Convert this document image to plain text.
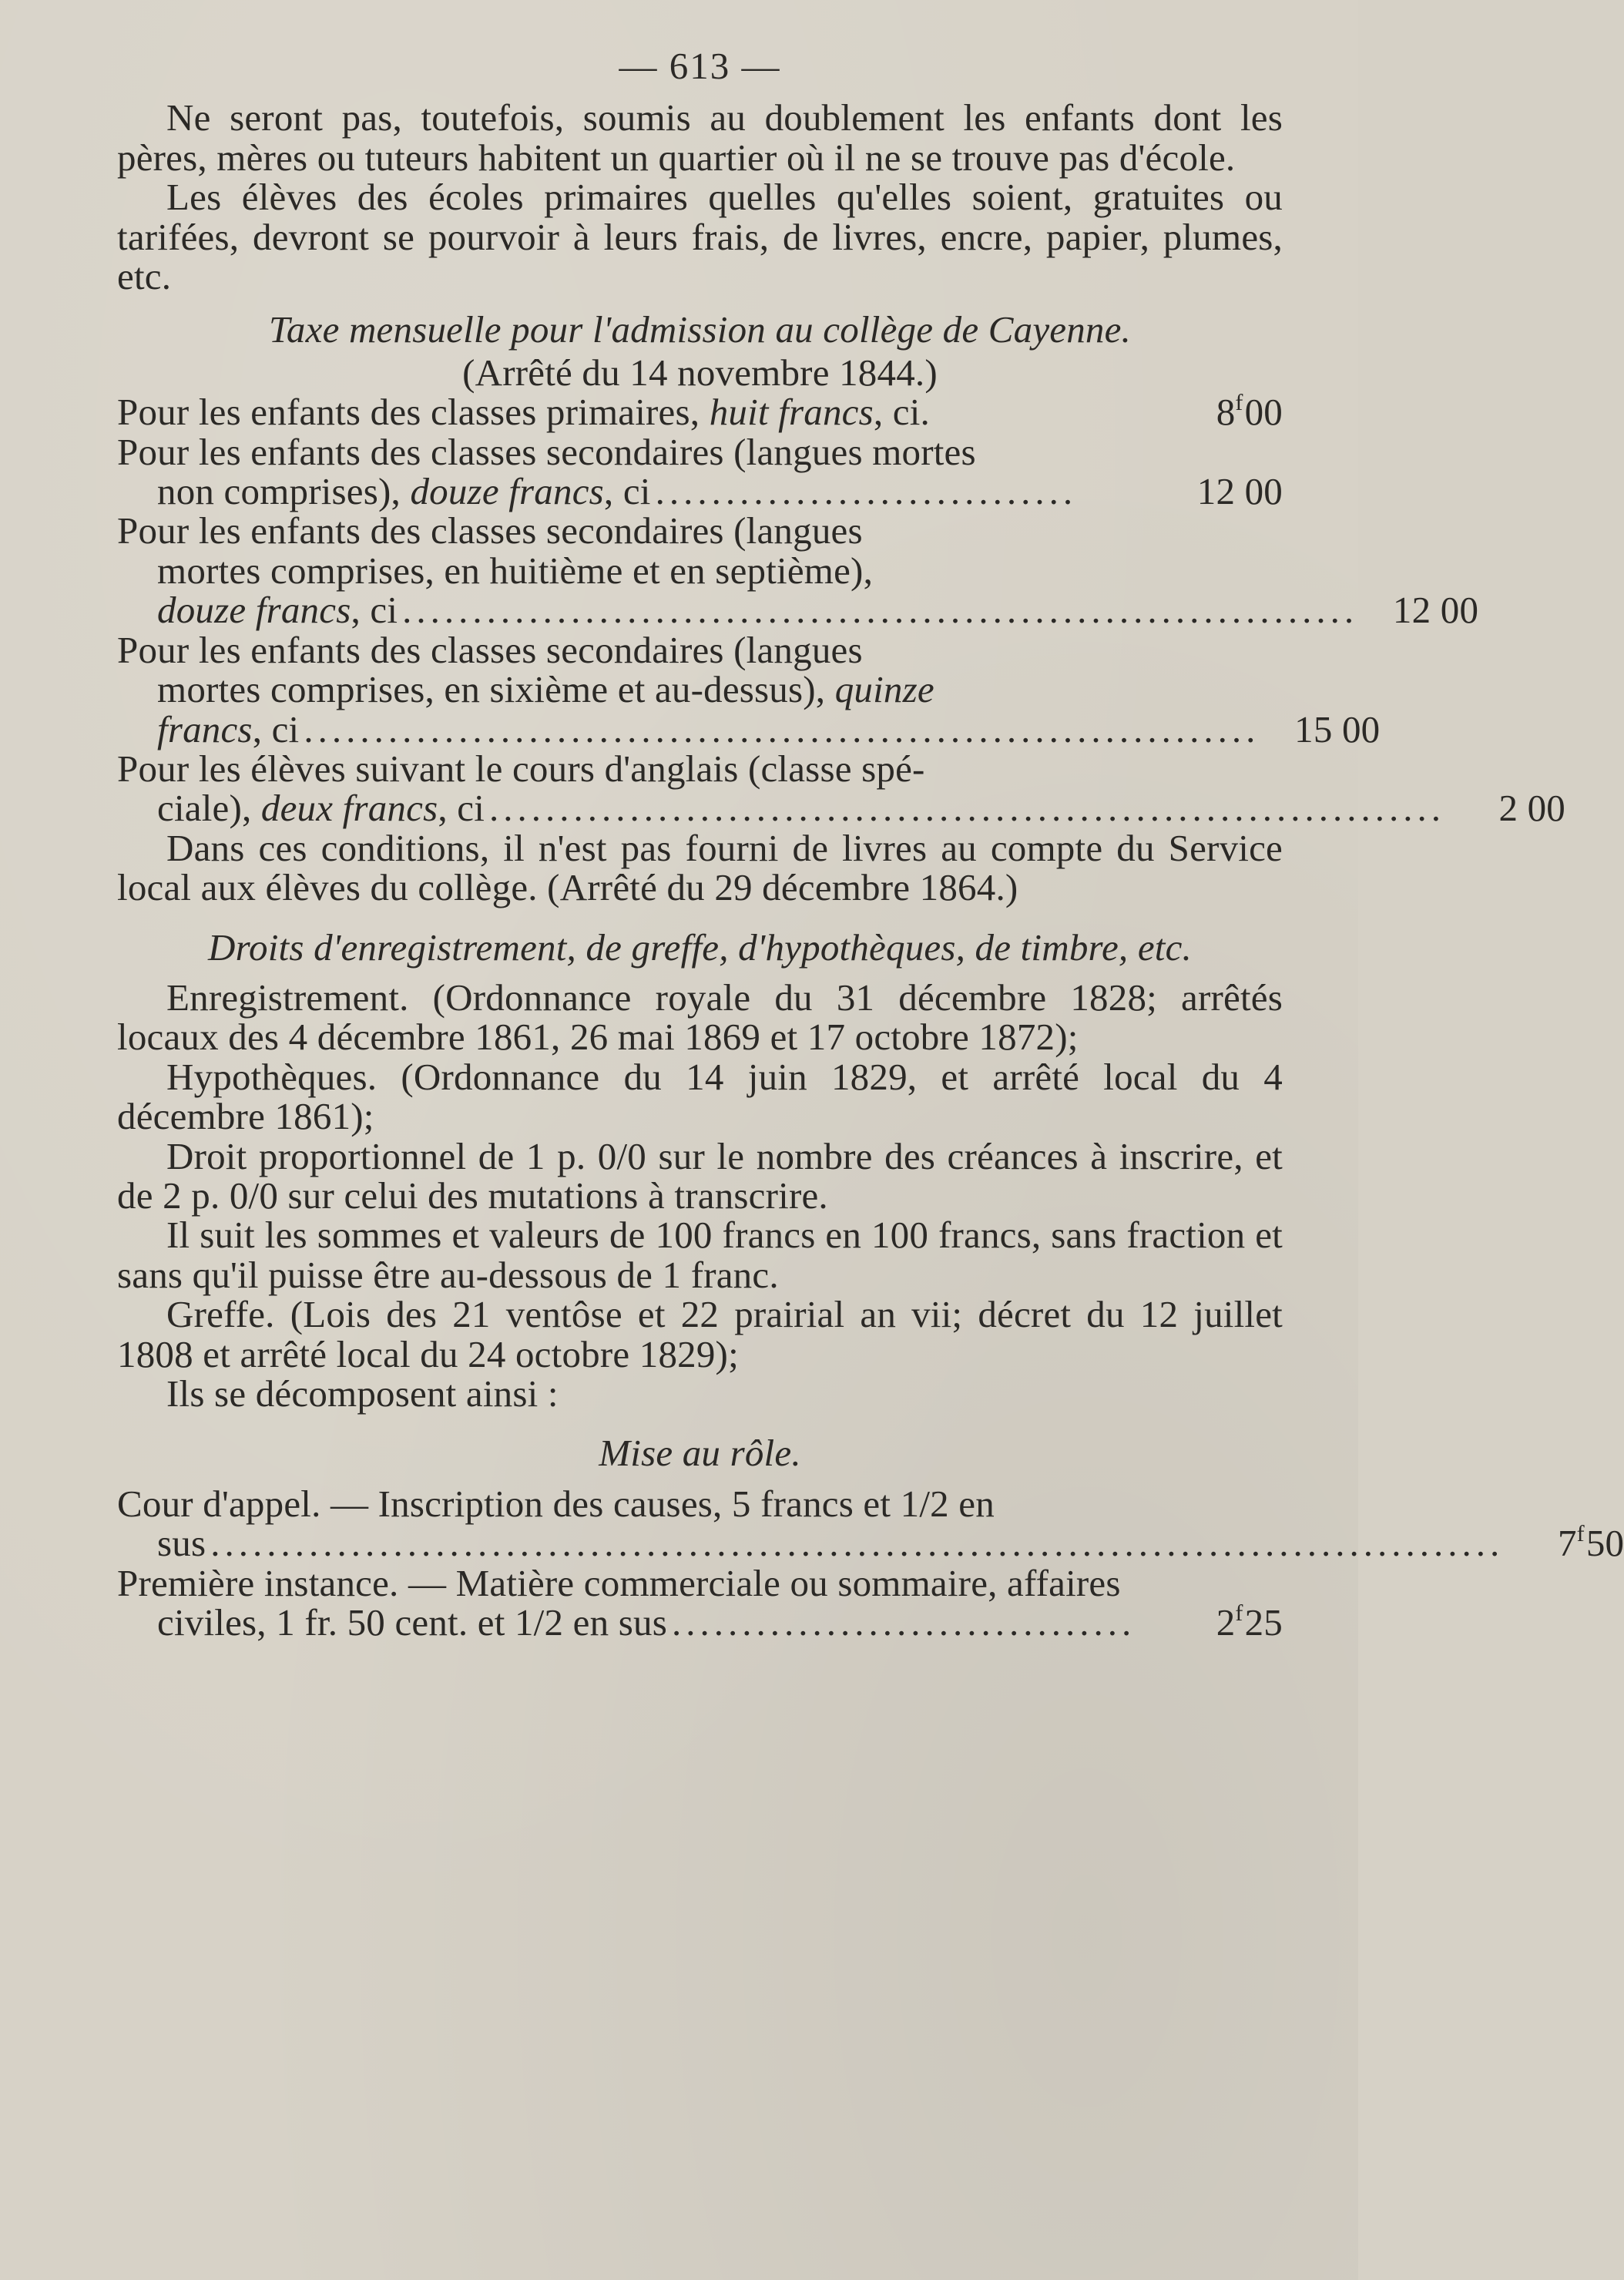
— 613 —

Ne seront pas, toutefois, soumis au doublement les enfants dont les pères, mères ou tuteurs habitent un quartier où il ne se trouve pas d'école.

Les élèves des écoles primaires quelles qu'elles soient, gratuites ou tarifées, devront se pourvoir à leurs frais, de livres, encre, papier, plumes, etc.

Taxe mensuelle pour l'admission au collège de Cayenne.

(Arrêté du 14 novembre 1844.)

Pour les enfants des classes primaires, huit francs, ci.	8$^f$00
Pour les enfants des classes secondaires (langues mortes
non comprises), douze francs, ci ..............................	12 00
Pour les enfants des classes secondaires (langues
mortes comprises, en huitième et en septième),
douze francs, ci .................................................................... 12 00
Pour les enfants des classes secondaires (langues
mortes comprises, en sixième et au-dessus), quinze
francs, ci .................................................................... 15 00
Pour les élèves suivant le cours d'anglais (classe spé-
ciale), deux francs, ci ....................................................................	2 00

Dans ces conditions, il n'est pas fourni de livres au compte du Service local aux élèves du collège. (Arrêté du 29 décembre 1864.)

Droits d'enregistrement, de greffe, d'hypothèques, de timbre, etc.

Enregistrement. (Ordonnance royale du 31 décembre 1828; arrêtés locaux des 4 décembre 1861, 26 mai 1869 et 17 octobre 1872);

Hypothèques. (Ordonnance du 14 juin 1829, et arrêté local du 4 décembre 1861);

Droit proportionnel de 1 p. 0/0 sur le nombre des créances à inscrire, et de 2 p. 0/0 sur celui des mutations à transcrire.

Il suit les sommes et valeurs de 100 francs en 100 francs, sans fraction et sans qu'il puisse être au-dessous de 1 franc.

Greffe. (Lois des 21 ventôse et 22 prairial an vii; décret du 12 juillet 1808 et arrêté local du 24 octobre 1829);

Ils se décomposent ainsi :

Mise au rôle.

Cour d'appel. — Inscription des causes, 5 francs et 1/2 en
sus ............................................................................................	7$^f$50
Première instance. — Matière commerciale ou sommaire, affaires
civiles, 1 fr. 50 cent. et 1/2 en sus .................................	2$^f$25
